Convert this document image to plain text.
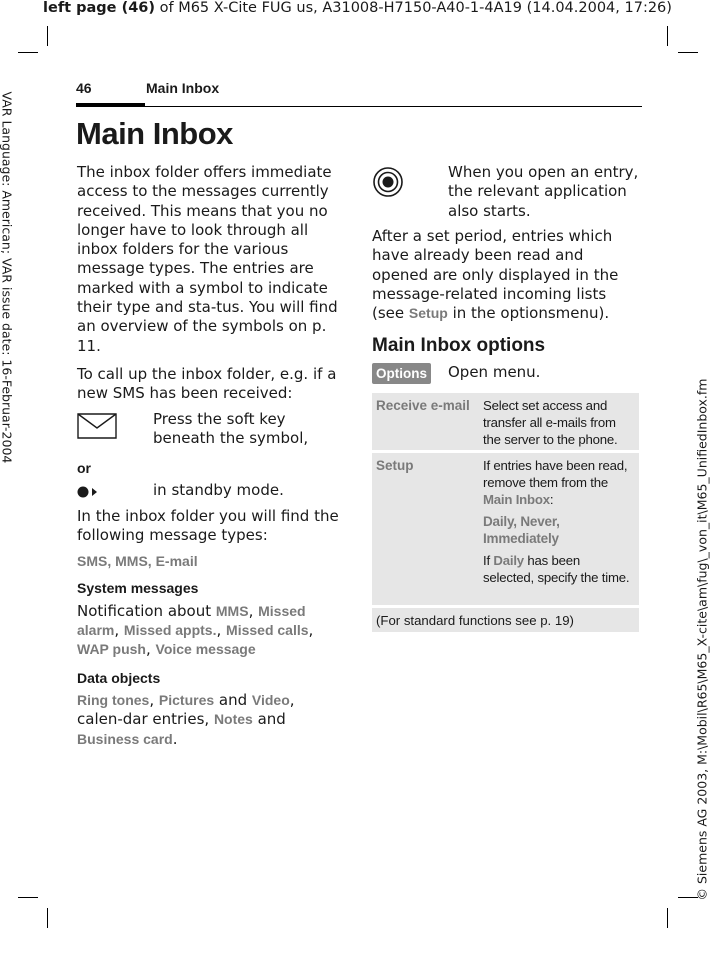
left page (46) of M65 X-Cite FUG us, A31008-H7150-A40-1-4A19 (14.04.2004, 17:26)
VAR Language: American; VAR issue date: 16-Februar-2004
© Siemens AG 2003, M:\Mobil\R65\M65_X-cite\am\fug\_von_it\M65_UnifiedInbox.fm
46	Main Inbox
Main Inbox

The inbox folder offers immediate access to the messages currently received. This means that you no longer have to look through all inbox folders for the various message types. The entries are marked with a symbol to indicate their type and sta-tus. You will find an overview of the symbols on p. 11.

To call up the inbox folder, e.g. if a new SMS has been received:

Press the soft key beneath the symbol,
or
in standby mode.

In the inbox folder you will find the following message types:

SMS, MMS, E-mail
System messages

Notification about MMS, Missed alarm, Missed appts., Missed calls, WAP push, Voice message

Data objects

Ring tones, Pictures and Video, calen-dar entries, Notes and Business card.

When you open an entry, the relevant application also starts.

After a set period, entries which have already been read and opened are only displayed in the message-related incoming lists (see Setup in the optionsmenu).

Main Inbox options
Options Open menu.
Receive e-mail Select set access and transfer all e-mails from the server to the phone.

Setup	If entries have been read, remove them from the Main Inbox:

Daily, Never, Immediately

If Daily has been selected, specify the time.

(For standard functions see p. 19)
